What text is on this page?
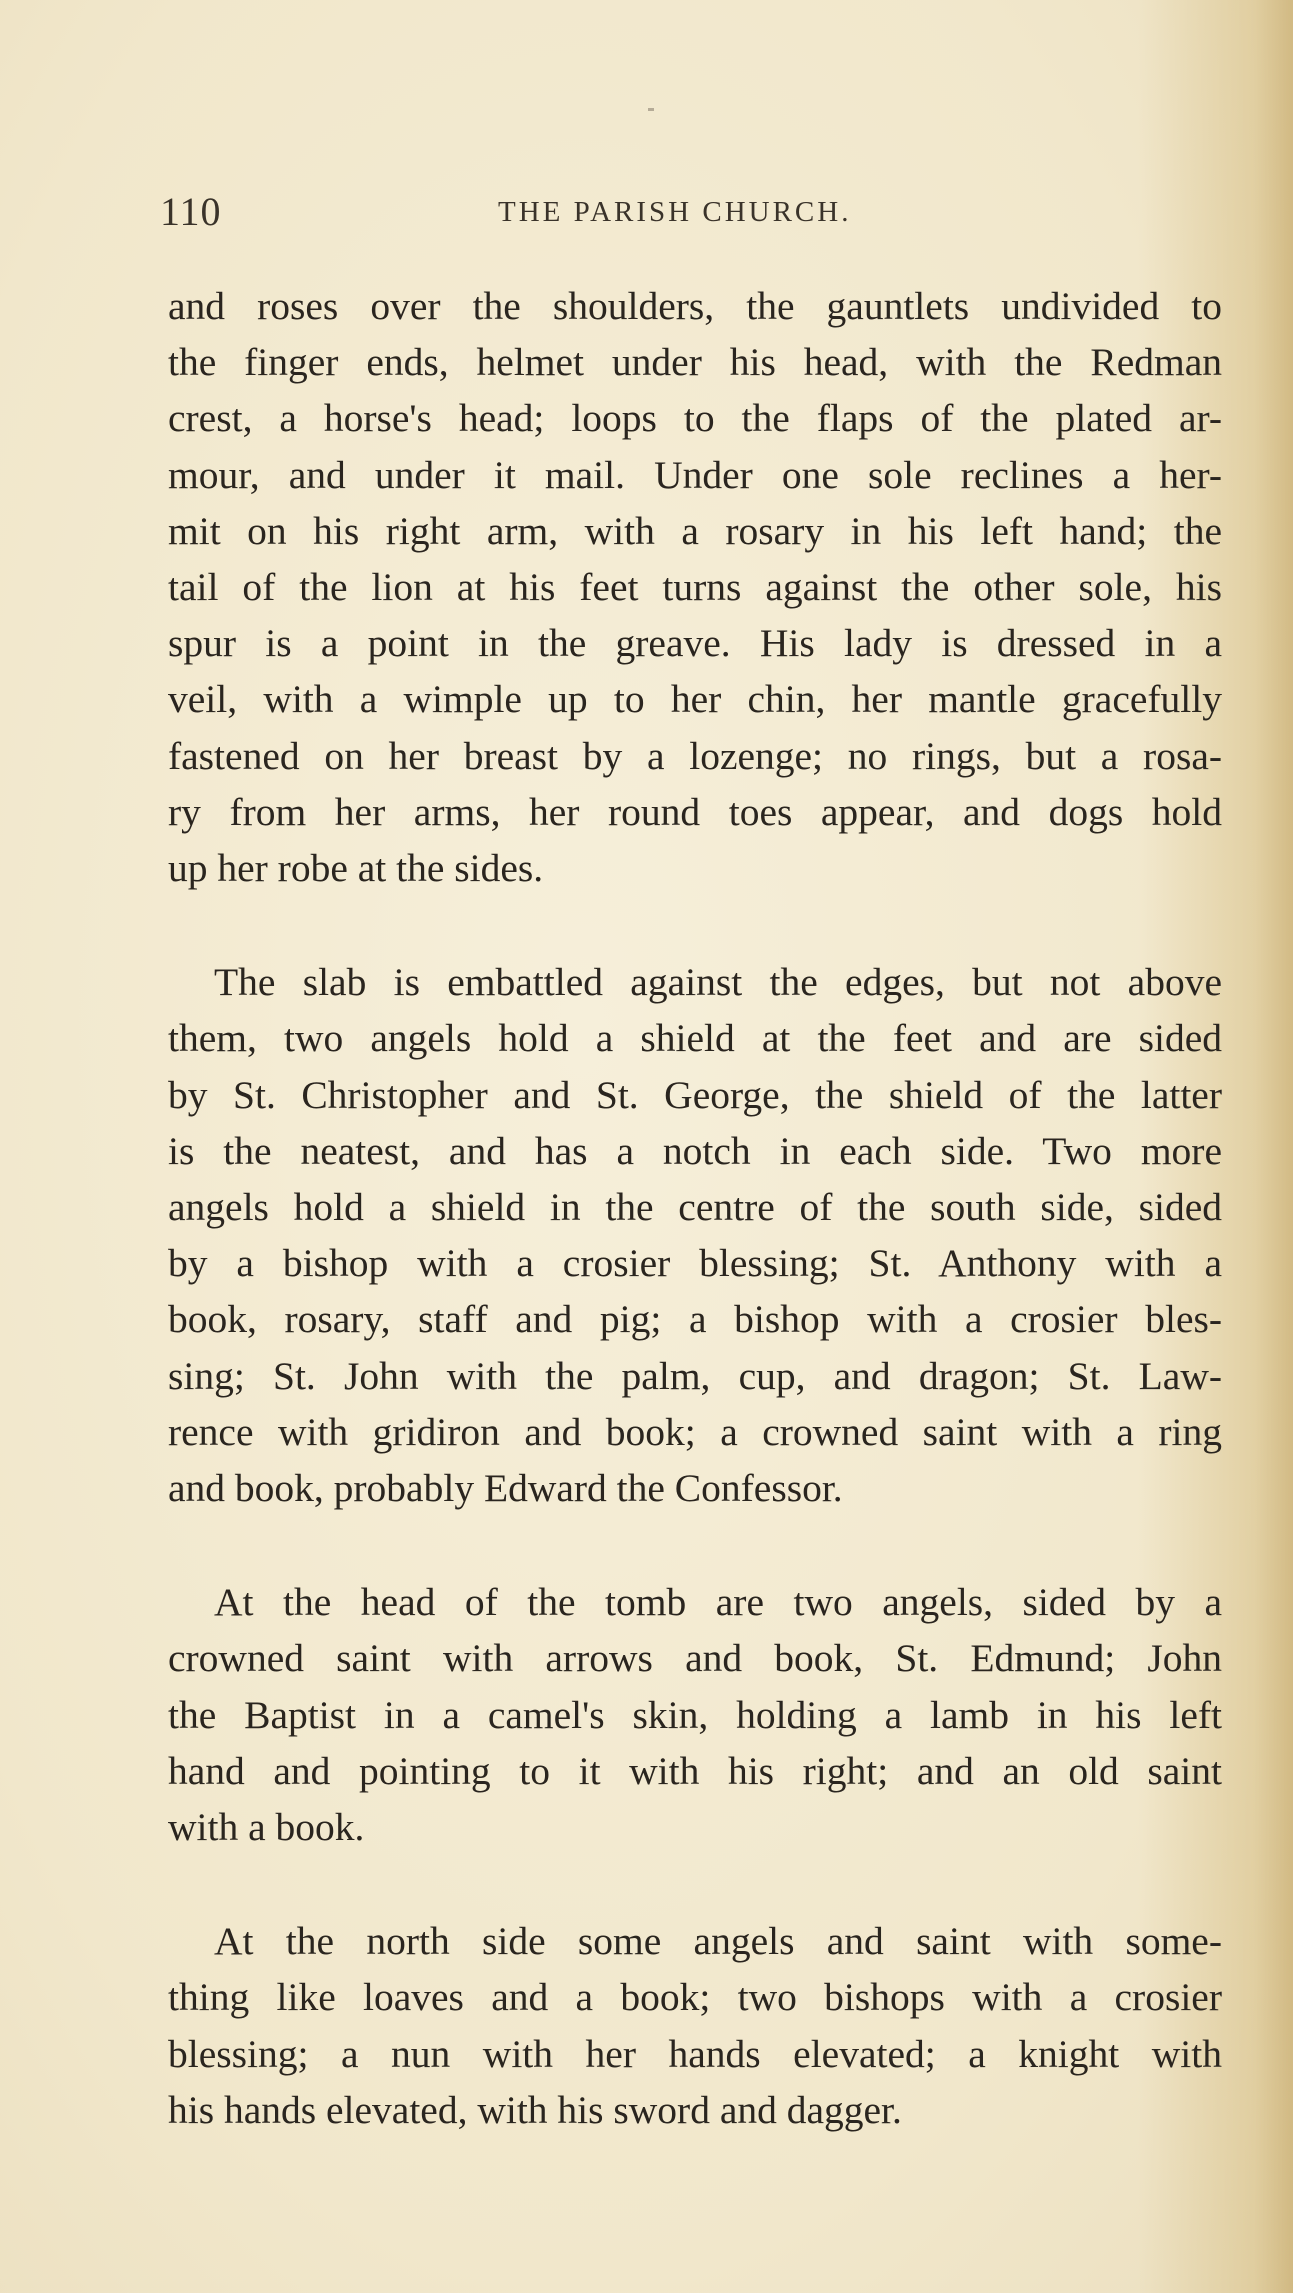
110	THE PARISH CHURCH.

and roses over the shoulders, the gauntlets undivided to
the finger ends, helmet under his head, with the Redman
crest, a horse's head; loops to the flaps of the plated ar-
mour, and under it mail. Under one sole reclines a her-
mit on his right arm, with a rosary in his left hand; the
tail of the lion at his feet turns against the other sole, his
spur is a point in the greave. His lady is dressed in a
veil, with a wimple up to her chin, her mantle gracefully
fastened on her breast by a lozenge; no rings, but a rosa-
ry from her arms, her round toes appear, and dogs hold
up her robe at the sides.

The slab is embattled against the edges, but not above
them, two angels hold a shield at the feet and are sided
by St. Christopher and St. George, the shield of the latter
is the neatest, and has a notch in each side. Two more
angels hold a shield in the centre of the south side, sided
by a bishop with a crosier blessing; St. Anthony with a
book, rosary, staff and pig; a bishop with a crosier bles-
sing; St. John with the palm, cup, and dragon; St. Law-
rence with gridiron and book; a crowned saint with a ring
and book, probably Edward the Confessor.

At the head of the tomb are two angels, sided by a
crowned saint with arrows and book, St. Edmund; John
the Baptist in a camel's skin, holding a lamb in his left
hand and pointing to it with his right; and an old saint
with a book.

At the north side some angels and saint with some-
thing like loaves and a book; two bishops with a crosier
blessing; a nun with her hands elevated; a knight with
his hands elevated, with his sword and dagger.
